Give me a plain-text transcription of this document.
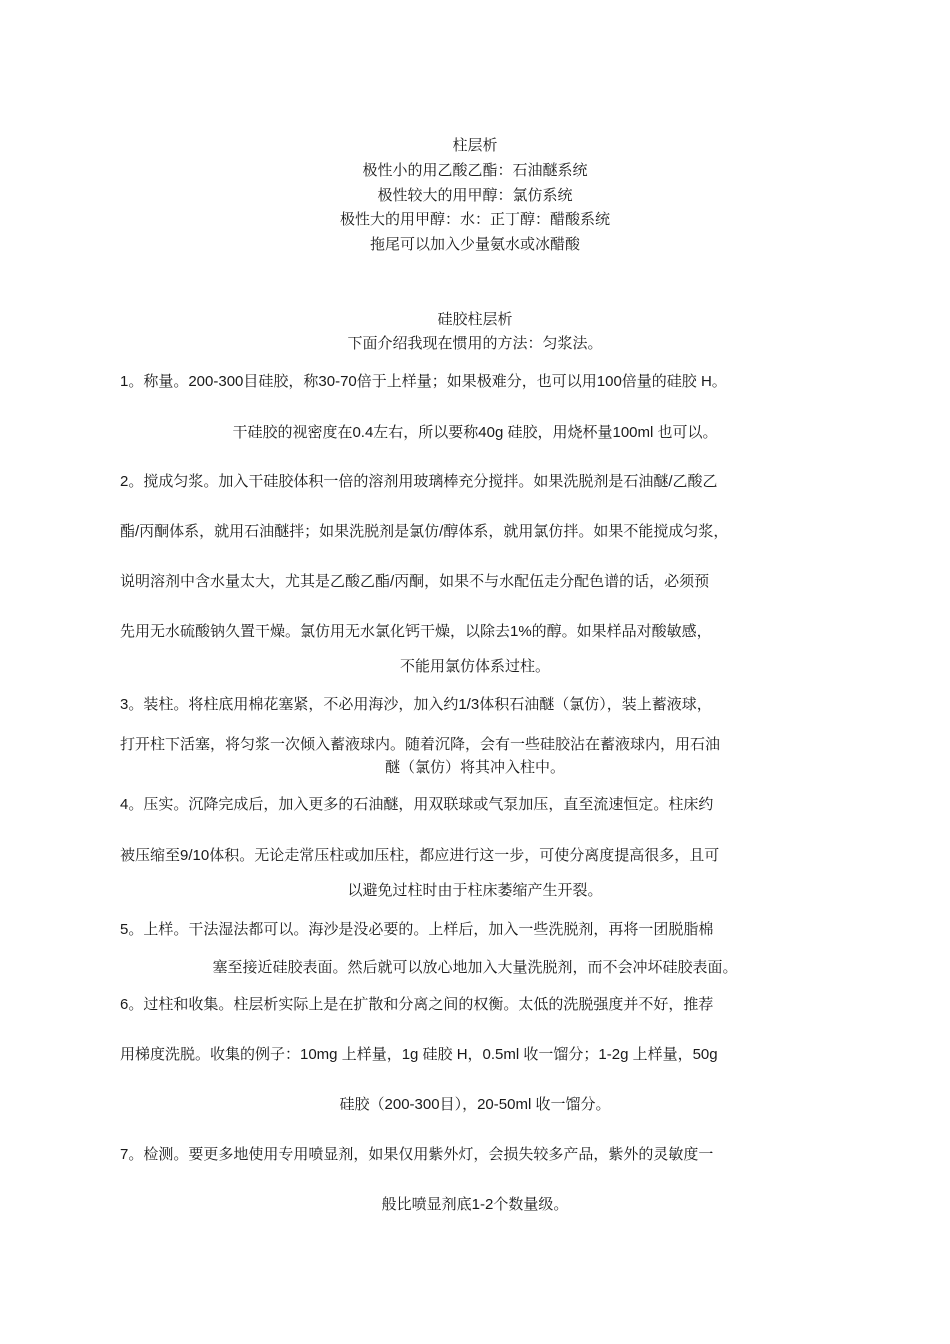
柱层析
极性小的用乙酸乙酯：石油醚系统
极性较大的用甲醇：氯仿系统
极性大的用甲醇：水：正丁醇：醋酸系统
拖尾可以加入少量氨水或冰醋酸
硅胶柱层析
下面介绍我现在惯用的方法：匀浆法。
1。称量。200-300目硅胶，称30-70倍于上样量；如果极难分，也可以用100倍量的硅胶 H。
干硅胶的视密度在0.4左右，所以要称40g 硅胶，用烧杯量100ml 也可以。
2。搅成匀浆。加入干硅胶体积一倍的溶剂用玻璃棒充分搅拌。如果洗脱剂是石油醚/乙酸乙
酯/丙酮体系，就用石油醚拌；如果洗脱剂是氯仿/醇体系，就用氯仿拌。如果不能搅成匀浆，
说明溶剂中含水量太大，尤其是乙酸乙酯/丙酮，如果不与水配伍走分配色谱的话，必须预
先用无水硫酸钠久置干燥。氯仿用无水氯化钙干燥，以除去1%的醇。如果样品对酸敏感，
不能用氯仿体系过柱。
3。装柱。将柱底用棉花塞紧，不必用海沙，加入约1/3体积石油醚（氯仿），装上蓄液球，
打开柱下活塞，将匀浆一次倾入蓄液球内。随着沉降，会有一些硅胶沾在蓄液球内，用石油
醚（氯仿）将其冲入柱中。
4。压实。沉降完成后，加入更多的石油醚，用双联球或气泵加压，直至流速恒定。柱床约
被压缩至9/10体积。无论走常压柱或加压柱，都应进行这一步，可使分离度提高很多，且可
以避免过柱时由于柱床萎缩产生开裂。
5。上样。干法湿法都可以。海沙是没必要的。上样后，加入一些洗脱剂，再将一团脱脂棉
塞至接近硅胶表面。然后就可以放心地加入大量洗脱剂，而不会冲坏硅胶表面。
6。过柱和收集。柱层析实际上是在扩散和分离之间的权衡。太低的洗脱强度并不好，推荐
用梯度洗脱。收集的例子：10mg 上样量，1g 硅胶 H，0.5ml 收一馏分；1-2g 上样量，50g
硅胶（200-300目），20-50ml 收一馏分。
7。检测。要更多地使用专用喷显剂，如果仅用紫外灯，会损失较多产品，紫外的灵敏度一
般比喷显剂底1-2个数量级。
